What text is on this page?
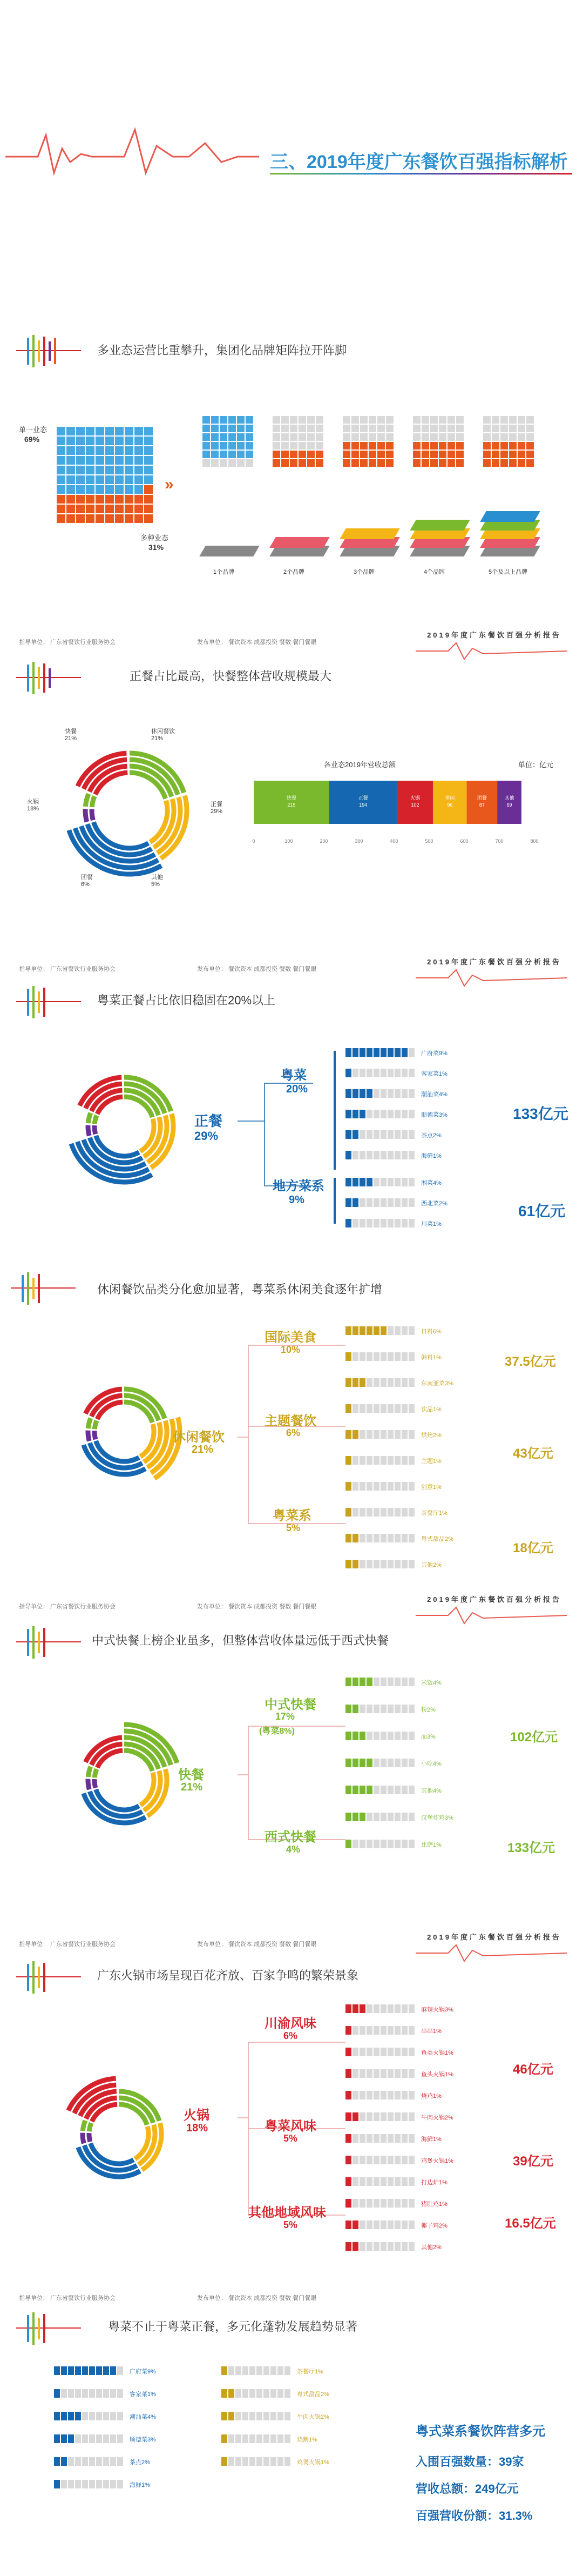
三、2019年度广东餐饮百强指标解析
多业态运营比重攀升，集团化品牌矩阵拉开阵脚
单一业态
69%
多种业态
31%
»
1个品牌	2个品牌	3个品牌	4个品牌	5个及以上品牌
指导单位： 广东省餐饮行业服务协会	发布单位： 餐饮资本 成都投资 餐数 餐门餐眼
2019年度广东餐饮百强分析报告
正餐占比最高，快餐整体营收规模最大
快餐
21%
休闲餐饮
21%
正餐
29%
其他
5%
团餐
6%
火锅
18%
各业态2019年营收总额	单位：亿元
快餐
215
正餐
194
火锅
102
休闲
96
团餐
87
其他
69
0	100	200	300	400	500	600	700	800
指导单位： 广东省餐饮行业服务协会	发布单位： 餐饮资本 成都投资 餐数 餐门餐眼
2019年度广东餐饮百强分析报告
粤菜正餐占比依旧稳固在20%以上
正餐
29%
粤菜
20%
地方菜系
9%
广府菜9%
客家菜1%
潮汕菜4%
顺德菜3%
茶点2%
海鲜1%
湘菜4%
西北菜2%
川菜1%
133亿元
61亿元
休闲餐饮品类分化愈加显著，粤菜系休闲美食逐年扩增
休闲餐饮
21%
国际美食
10%
主题餐饮
6%
粤菜系
5%
日料6%
韩料1%
东南亚菜3%
饮品1%
烘焙2%
主题1%
创意1%
茶餐厅1%
粤式甜品2%
其他2%
37.5亿元
43亿元
18亿元
指导单位： 广东省餐饮行业服务协会	发布单位： 餐饮资本 成都投资 餐数 餐门餐眼
2019年度广东餐饮百强分析报告
中式快餐上榜企业虽多，但整体营收体量远低于西式快餐
快餐
21%
中式快餐
17%
(粤菜8%)
西式快餐
4%
米饭4%
粉2%
面3%
小吃4%
其他4%
汉堡炸鸡3%
比萨1%
102亿元
133亿元
指导单位： 广东省餐饮行业服务协会	发布单位： 餐饮资本 成都投资 餐数 餐门餐眼
2019年度广东餐饮百强分析报告
广东火锅市场呈现百花齐放、百家争鸣的繁荣景象
火锅
18%
川渝风味
6%
粤菜风味
5%
其他地域风味
5%
麻辣火锅3%
串串1%
鱼类火锅1%
鱼头火锅1%
烧鸡1%
牛肉火锅2%
海鲜1%
鸡煲火锅1%
打边炉1%
猪肚鸡1%
椰子鸡2%
其他2%
46亿元
39亿元
16.5亿元
指导单位： 广东省餐饮行业服务协会	发布单位： 餐饮资本 成都投资 餐数 餐门餐眼
粤菜不止于粤菜正餐，多元化蓬勃发展趋势显著
广府菜9%
客家菜1%
潮汕菜4%
顺德菜3%
茶点2%
海鲜1%
茶餐厅1%
粤式甜品2%
牛肉火锅2%
烧鹅1%
鸡煲火锅1%
粤式菜系餐饮阵营多元
入围百强数量：39家
营收总额：249亿元
百强营收份额：31.3%
